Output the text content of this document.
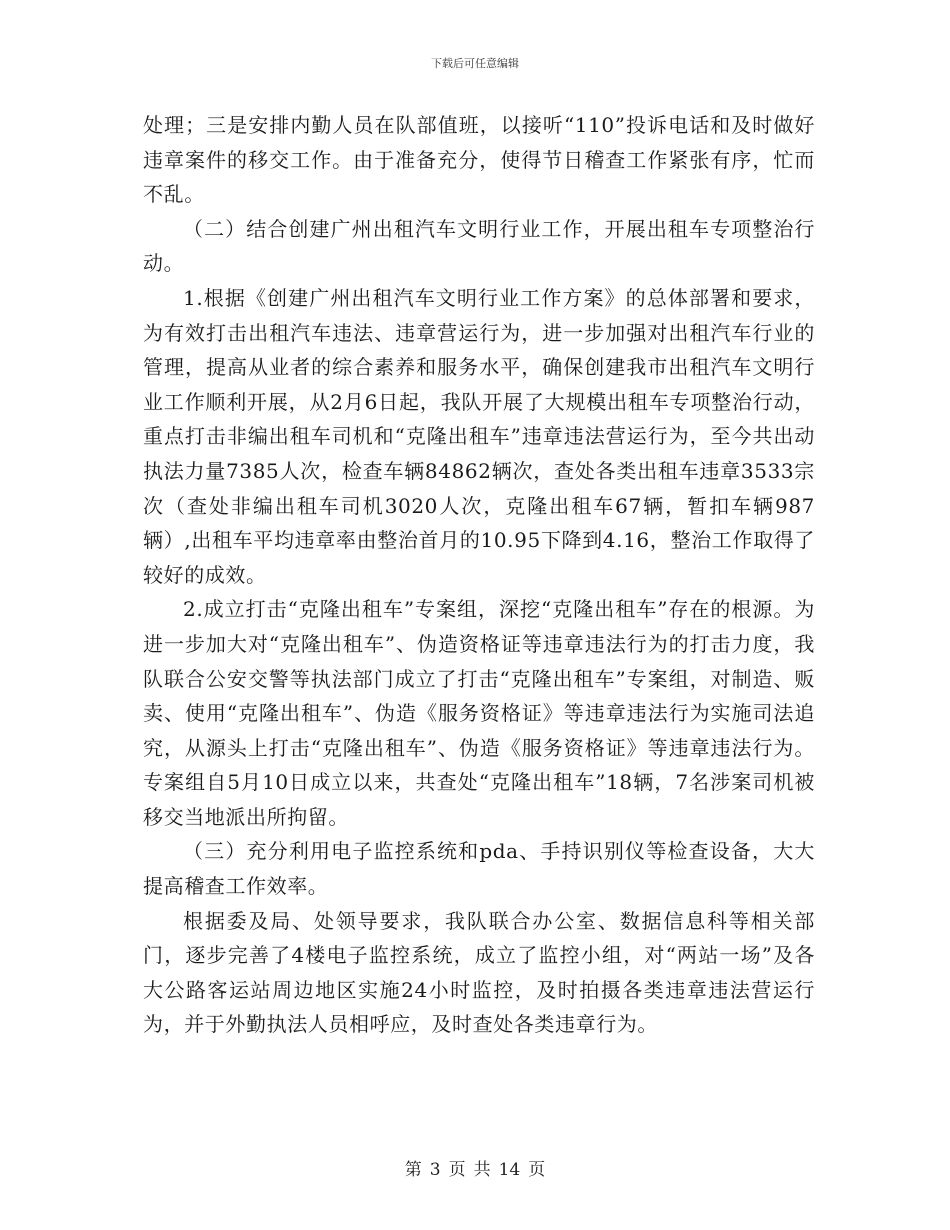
下载后可任意编辑

处理；三是安排内勤人员在队部值班，以接听“110”投诉电话和及时做好违章案件的移交工作。由于准备充分，使得节日稽查工作紧张有序，忙而不乱。

（二）结合创建广州出租汽车文明行业工作，开展出租车专项整治行动。

1.根据《创建广州出租汽车文明行业工作方案》的总体部署和要求，为有效打击出租汽车违法、违章营运行为，进一步加强对出租汽车行业的管理，提高从业者的综合素养和服务水平，确保创建我市出租汽车文明行业工作顺利开展，从2月6日起，我队开展了大规模出租车专项整治行动，重点打击非编出租车司机和“克隆出租车”违章违法营运行为，至今共出动执法力量7385人次，检查车辆84862辆次，查处各类出租车违章3533宗次（查处非编出租车司机3020人次，克隆出租车67辆，暂扣车辆987辆）,出租车平均违章率由整治首月的10.95下降到4.16，整治工作取得了较好的成效。

2.成立打击“克隆出租车”专案组，深挖“克隆出租车”存在的根源。为进一步加大对“克隆出租车”、伪造资格证等违章违法行为的打击力度，我队联合公安交警等执法部门成立了打击“克隆出租车”专案组，对制造、贩卖、使用“克隆出租车”、伪造《服务资格证》等违章违法行为实施司法追究，从源头上打击“克隆出租车”、伪造《服务资格证》等违章违法行为。专案组自5月10日成立以来，共查处“克隆出租车”18辆，7名涉案司机被移交当地派出所拘留。

（三）充分利用电子监控系统和pda、手持识别仪等检查设备，大大提高稽查工作效率。

根据委及局、处领导要求，我队联合办公室、数据信息科等相关部门，逐步完善了4楼电子监控系统，成立了监控小组，对“两站一场”及各大公路客运站周边地区实施24小时监控，及时拍摄各类违章违法营运行为，并于外勤执法人员相呼应，及时查处各类违章行为。

第 3 页 共 14 页
